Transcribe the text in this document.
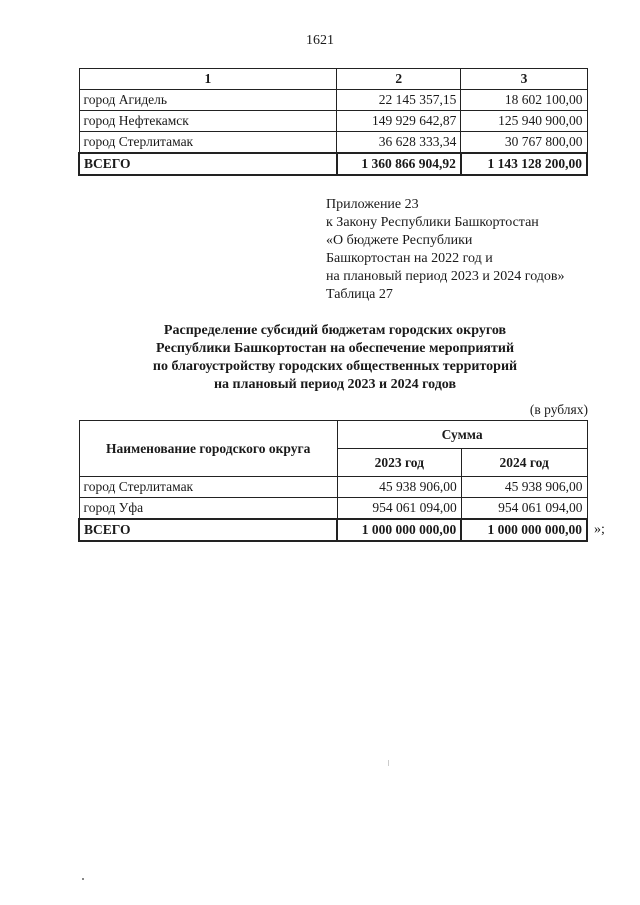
1621
1	2	3
город Агидель	22 145 357,15	18 602 100,00
город Нефтекамск	149 929 642,87	125 940 900,00
город Стерлитамак	36 628 333,34	30 767 800,00
ВСЕГО	1 360 866 904,92	1 143 128 200,00
Приложение 23
к Закону Республики Башкортостан
«О бюджете Республики
Башкортостан на 2022 год и
на плановый период 2023 и 2024 годов»
Таблица 27
Распределение субсидий бюджетам городских округов
Республики Башкортостан на обеспечение мероприятий
по благоустройству городских общественных территорий
на плановый период 2023 и 2024 годов
(в рублях)
Наименование городского округа	Сумма	
	2023 год	2024 год
город Стерлитамак	45 938 906,00	45 938 906,00
город Уфа	954 061 094,00	954 061 094,00
ВСЕГО	1 000 000 000,00	1 000 000 000,00 »;
